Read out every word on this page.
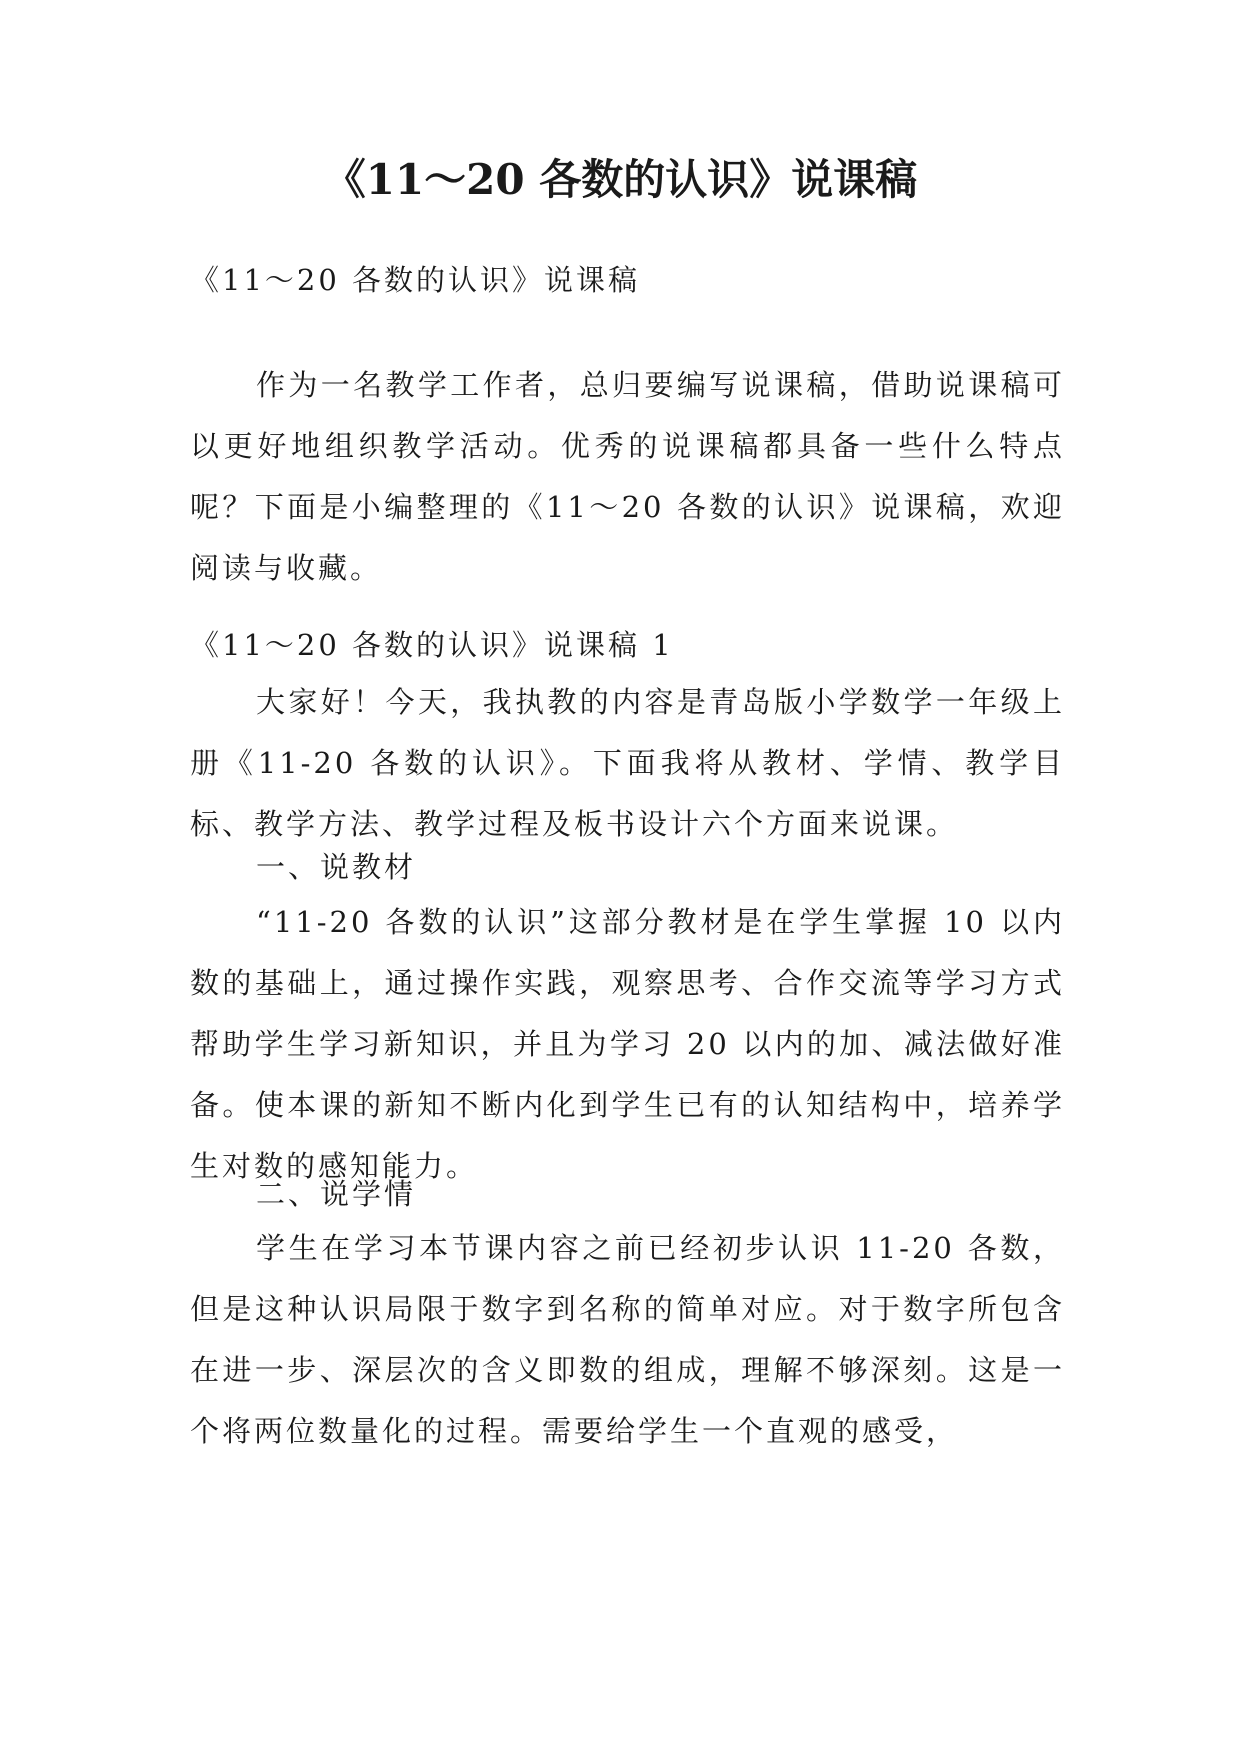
《11～20 各数的认识》说课稿

《11～20 各数的认识》说课稿

作为一名教学工作者，总归要编写说课稿，借助说课稿可以更好地组织教学活动。优秀的说课稿都具备一些什么特点呢？下面是小编整理的《11～20 各数的认识》说课稿，欢迎阅读与收藏。

《11～20 各数的认识》说课稿 1

大家好！今天，我执教的内容是青岛版小学数学一年级上册《11-20 各数的认识》。下面我将从教材、学情、教学目标、教学方法、教学过程及板书设计六个方面来说课。

一、说教材

“11-20 各数的认识”这部分教材是在学生掌握 10 以内数的基础上，通过操作实践，观察思考、合作交流等学习方式帮助学生学习新知识，并且为学习 20 以内的加、减法做好准备。使本课的新知不断内化到学生已有的认知结构中，培养学生对数的感知能力。

二、说学情

学生在学习本节课内容之前已经初步认识 11-20 各数，但是这种认识局限于数字到名称的简单对应。对于数字所包含在进一步、深层次的含义即数的组成，理解不够深刻。这是一个将两位数量化的过程。需要给学生一个直观的感受，
